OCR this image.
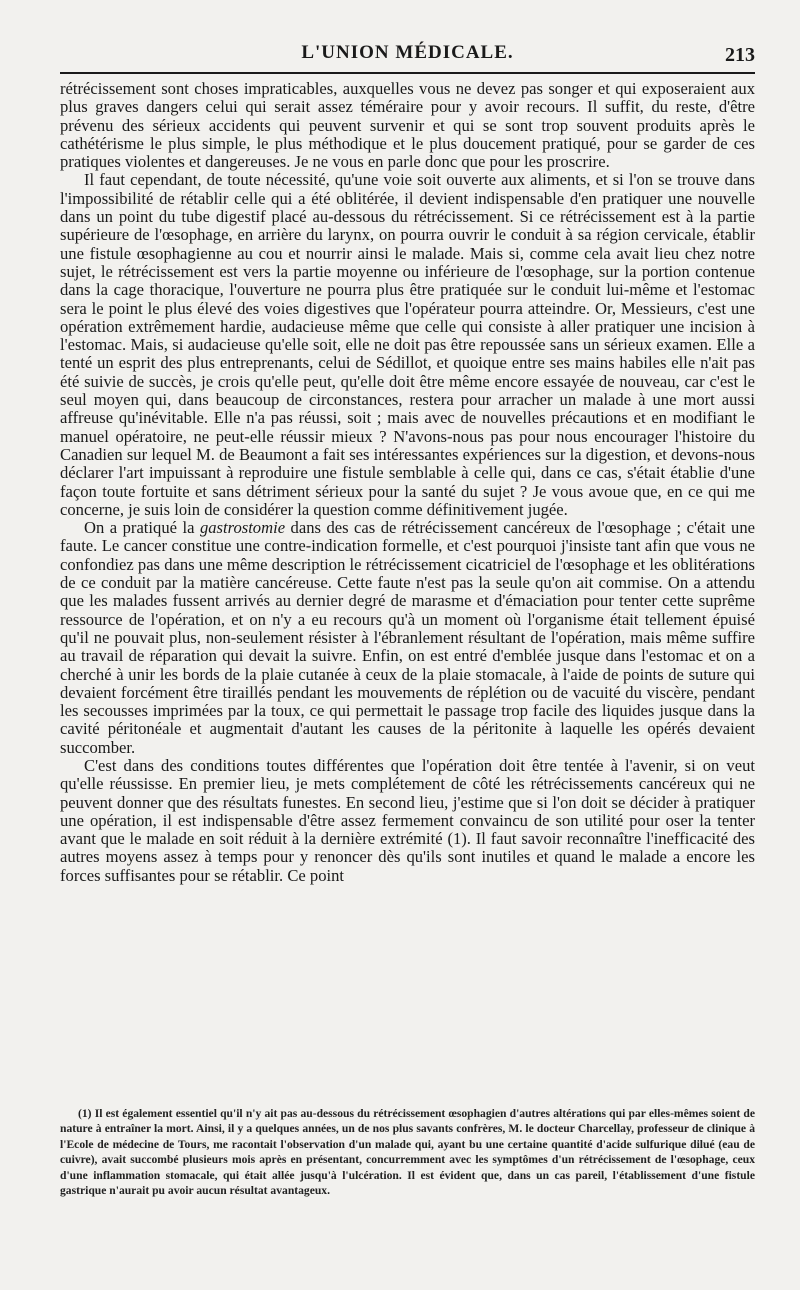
L'UNION MÉDICALE.	213

rétrécissement sont choses impraticables, auxquelles vous ne devez pas songer et qui exposeraient aux plus graves dangers celui qui serait assez téméraire pour y avoir recours. Il suffit, du reste, d'être prévenu des sérieux accidents qui peuvent survenir et qui se sont trop souvent produits après le cathétérisme le plus simple, le plus méthodique et le plus doucement pratiqué, pour se garder de ces pratiques violentes et dangereuses. Je ne vous en parle donc que pour les proscrire.

Il faut cependant, de toute nécessité, qu'une voie soit ouverte aux aliments, et si l'on se trouve dans l'impossibilité de rétablir celle qui a été oblitérée, il devient indispensable d'en pratiquer une nouvelle dans un point du tube digestif placé au-dessous du rétrécissement. Si ce rétrécissement est à la partie supérieure de l'œsophage, en arrière du larynx, on pourra ouvrir le conduit à sa région cervicale, établir une fistule œsophagienne au cou et nourrir ainsi le malade. Mais si, comme cela avait lieu chez notre sujet, le rétrécissement est vers la partie moyenne ou inférieure de l'œsophage, sur la portion contenue dans la cage thoracique, l'ouverture ne pourra plus être pratiquée sur le conduit lui-même et l'estomac sera le point le plus élevé des voies digestives que l'opérateur pourra atteindre. Or, Messieurs, c'est une opération extrêmement hardie, audacieuse même que celle qui consiste à aller pratiquer une incision à l'estomac. Mais, si audacieuse qu'elle soit, elle ne doit pas être repoussée sans un sérieux examen. Elle a tenté un esprit des plus entreprenants, celui de Sédillot, et quoique entre ses mains habiles elle n'ait pas été suivie de succès, je crois qu'elle peut, qu'elle doit être même encore essayée de nouveau, car c'est le seul moyen qui, dans beaucoup de circonstances, restera pour arracher un malade à une mort aussi affreuse qu'inévitable. Elle n'a pas réussi, soit ; mais avec de nouvelles précautions et en modifiant le manuel opératoire, ne peut-elle réussir mieux ? N'avons-nous pas pour nous encourager l'histoire du Canadien sur lequel M. de Beaumont a fait ses intéressantes expériences sur la digestion, et devons-nous déclarer l'art impuissant à reproduire une fistule semblable à celle qui, dans ce cas, s'était établie d'une façon toute fortuite et sans détriment sérieux pour la santé du sujet ? Je vous avoue que, en ce qui me concerne, je suis loin de considérer la question comme définitivement jugée.

On a pratiqué la gastrostomie dans des cas de rétrécissement cancéreux de l'œsophage ; c'était une faute. Le cancer constitue une contre-indication formelle, et c'est pourquoi j'insiste tant afin que vous ne confondiez pas dans une même description le rétrécissement cicatriciel de l'œsophage et les oblitérations de ce conduit par la matière cancéreuse. Cette faute n'est pas la seule qu'on ait commise. On a attendu que les malades fussent arrivés au dernier degré de marasme et d'émaciation pour tenter cette suprême ressource de l'opération, et on n'y a eu recours qu'à un moment où l'organisme était tellement épuisé qu'il ne pouvait plus, non-seulement résister à l'ébranlement résultant de l'opération, mais même suffire au travail de réparation qui devait la suivre. Enfin, on est entré d'emblée jusque dans l'estomac et on a cherché à unir les bords de la plaie cutanée à ceux de la plaie stomacale, à l'aide de points de suture qui devaient forcément être tiraillés pendant les mouvements de réplétion ou de vacuité du viscère, pendant les secousses imprimées par la toux, ce qui permettait le passage trop facile des liquides jusque dans la cavité péritonéale et augmentait d'autant les causes de la péritonite à laquelle les opérés devaient succomber.

C'est dans des conditions toutes différentes que l'opération doit être tentée à l'avenir, si on veut qu'elle réussisse. En premier lieu, je mets complétement de côté les rétrécissements cancéreux qui ne peuvent donner que des résultats funestes. En second lieu, j'estime que si l'on doit se décider à pratiquer une opération, il est indispensable d'être assez fermement convaincu de son utilité pour oser la tenter avant que le malade en soit réduit à la dernière extrémité (1). Il faut savoir reconnaître l'inefficacité des autres moyens assez à temps pour y renoncer dès qu'ils sont inutiles et quand le malade a encore les forces suffisantes pour se rétablir. Ce point

(1) Il est également essentiel qu'il n'y ait pas au-dessous du rétrécissement œsophagien d'autres altérations qui par elles-mêmes soient de nature à entraîner la mort. Ainsi, il y a quelques années, un de nos plus savants confrères, M. le docteur Charcellay, professeur de clinique à l'Ecole de médecine de Tours, me racontait l'observation d'un malade qui, ayant bu une certaine quantité d'acide sulfurique dilué (eau de cuivre), avait succombé plusieurs mois après en présentant, concurremment avec les symptômes d'un rétrécissement de l'œsophage, ceux d'une inflammation stomacale, qui était allée jusqu'à l'ulcération. Il est évident que, dans un cas pareil, l'établissement d'une fistule gastrique n'aurait pu avoir aucun résultat avantageux.
